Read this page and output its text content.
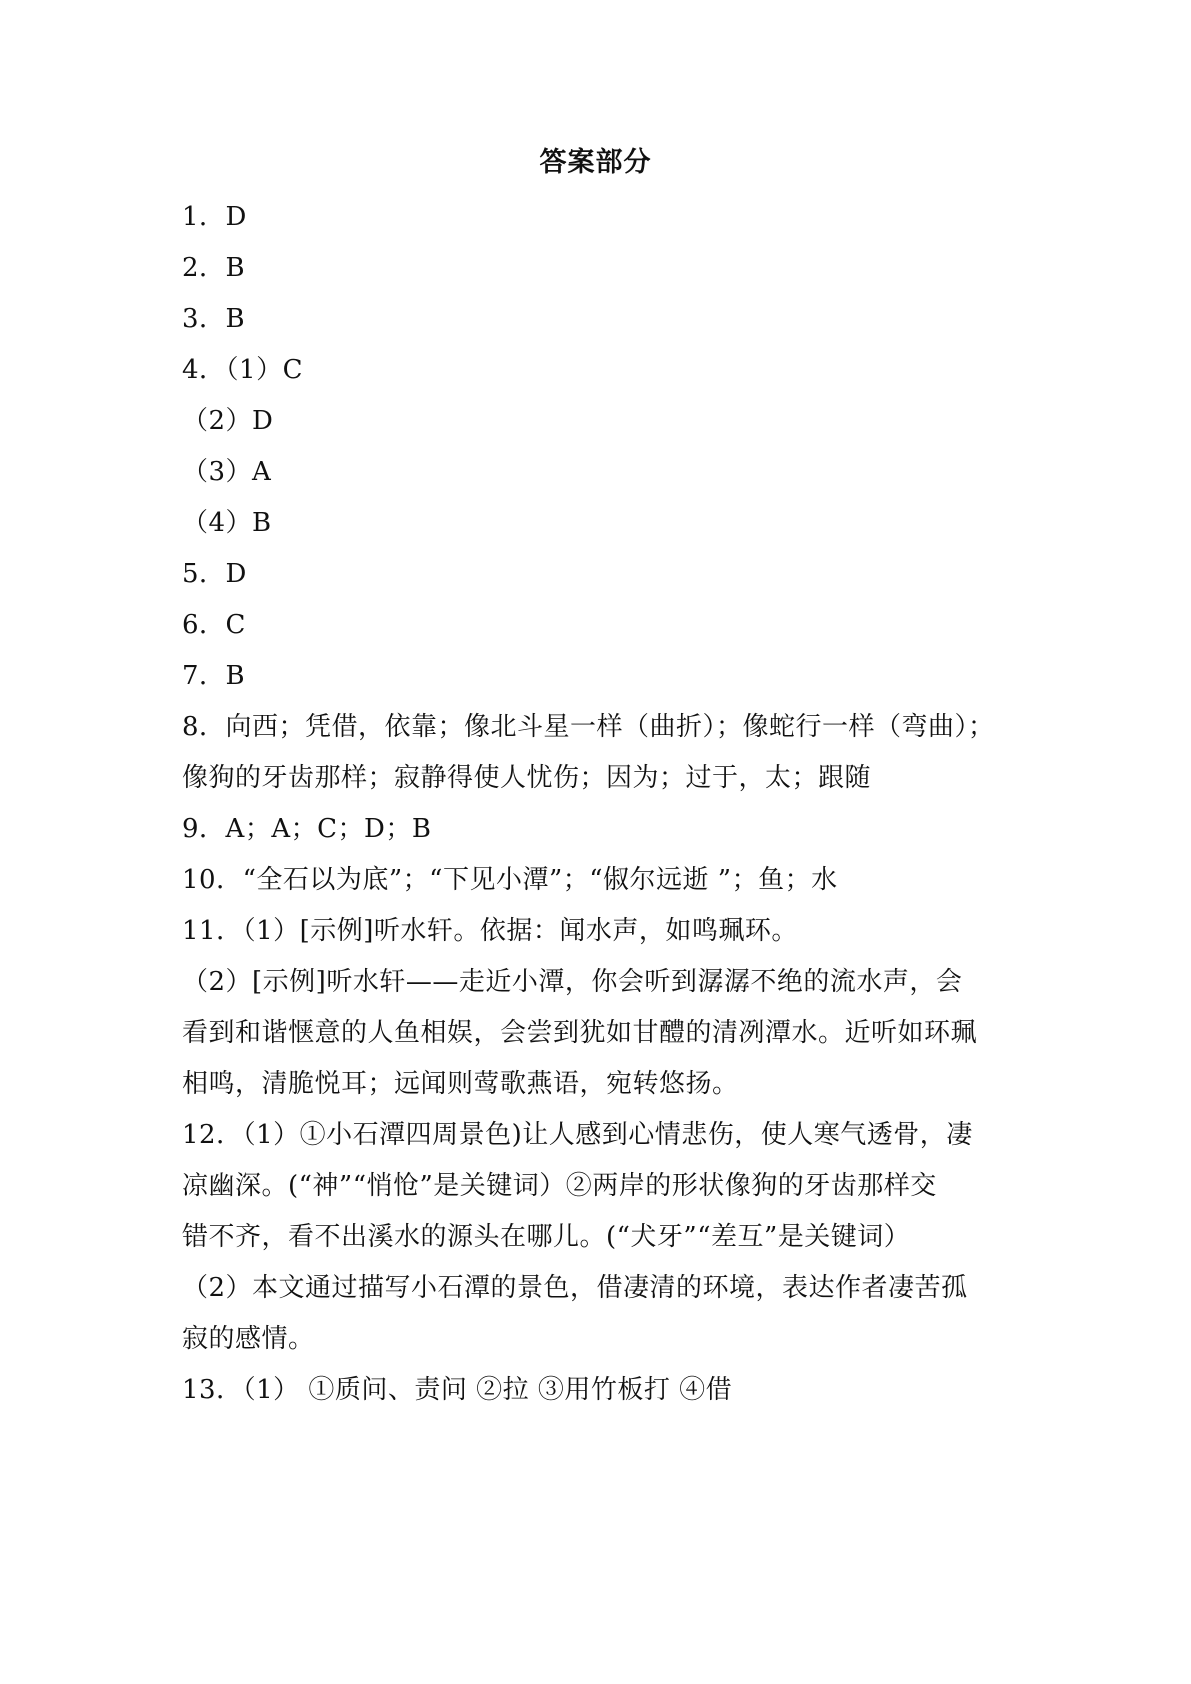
答案部分
1．D
2．B
3．B
4．（1）C
（2）D
（3）A
（4）B
5．D
6．C
7．B
8．向西；凭借，依靠；像北斗星一样（曲折）；像蛇行一样（弯曲）；
像狗的牙齿那样；寂静得使人忧伤；因为；过于，太；跟随
9．A；A；C；D；B
10．“全石以为底”；“下见小潭”；“俶尔远逝 ”；鱼；水
11．（1）[示例]听水轩。依据：闻水声，如鸣珮环。
（2）[示例]听水轩——走近小潭，你会听到潺潺不绝的流水声，会
看到和谐惬意的人鱼相娱，会尝到犹如甘醴的清冽潭水。近听如环珮
相鸣，清脆悦耳；远闻则莺歌燕语，宛转悠扬。
12．（1）①小石潭四周景色)让人感到心情悲伤，使人寒气透骨，凄
凉幽深。(“神”“悄怆”是关键词）②两岸的形状像狗的牙齿那样交
错不齐，看不出溪水的源头在哪儿。(“犬牙”“差互”是关键词）
（2）本文通过描写小石潭的景色，借凄清的环境，表达作者凄苦孤
寂的感情。
13．（1） ①质问、责问 ②拉 ③用竹板打 ④借
